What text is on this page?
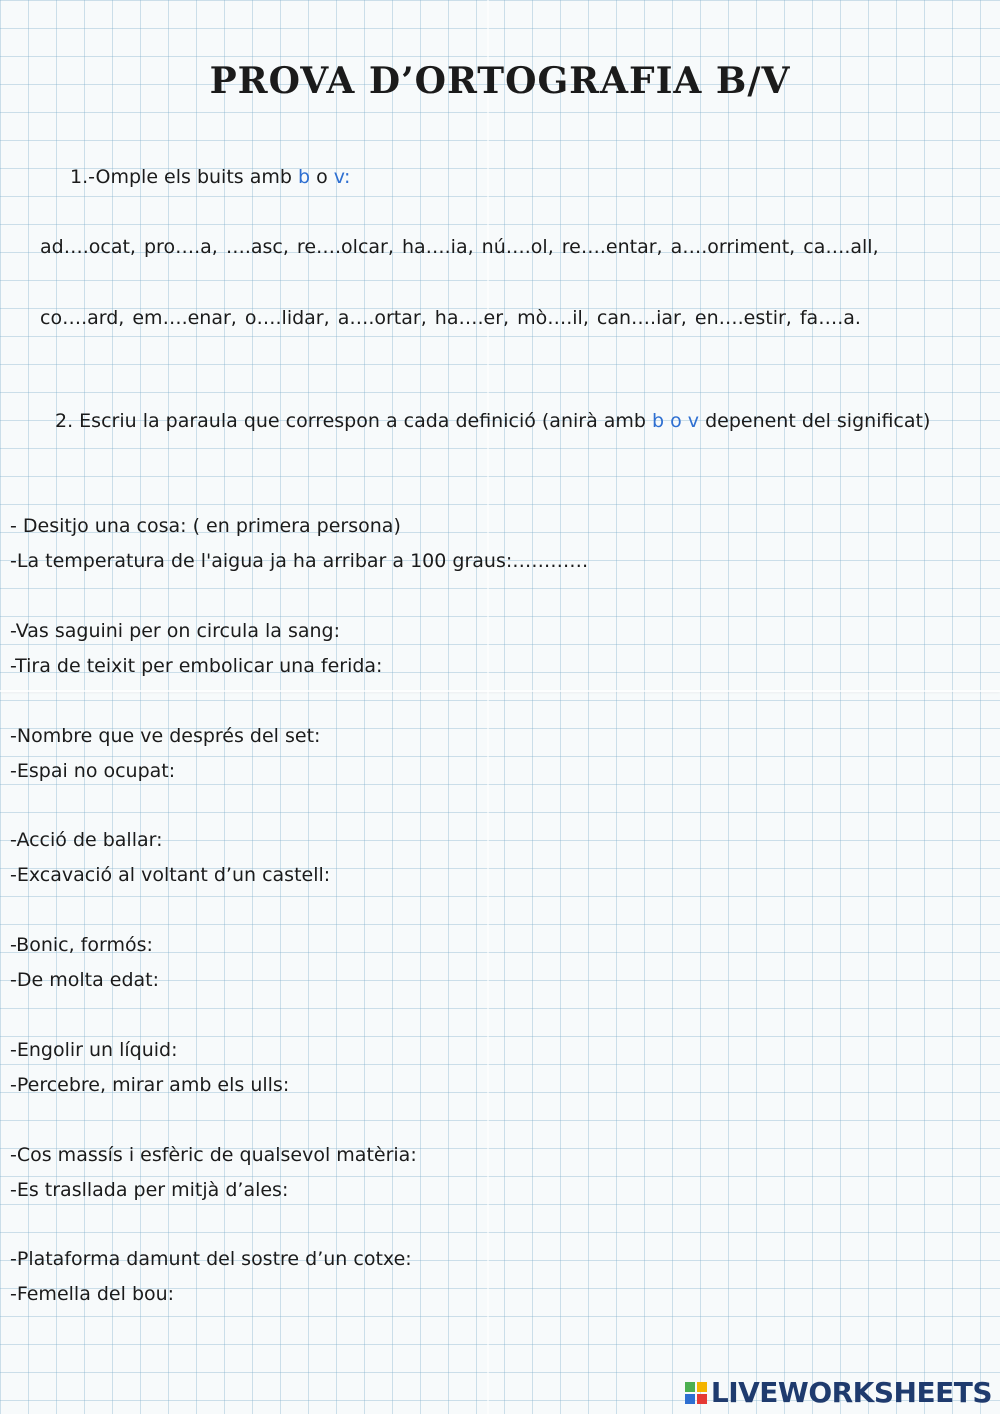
PROVA D’ORTOGRAFIA B/V
1.-Omple els buits amb b o v:
ad….ocat, pro….a, ….asc, re….olcar, ha….ia, nú….ol, re….entar, a….orriment, ca….all,
co….ard, em….enar, o….lidar, a….ortar, ha….er, mò….il, can….iar, en….estir, fa….a.
2. Escriu la paraula que correspon a cada definició (anirà amb b o v depenent del significat)
- Desitjo una cosa: ( en primera persona)
-La temperatura de l'aigua ja ha arribar a 100 graus:…………
-Vas saguini per on circula la sang:
-Tira de teixit per embolicar una ferida:
-Nombre que ve després del set:
-Espai no ocupat:
-Acció de ballar:
-Excavació al voltant d’un castell:
-Bonic, formós:
-De molta edat:
-Engolir un líquid:
-Percebre, mirar amb els ulls:
-Cos massís i esfèric de qualsevol matèria:
-Es trasllada per mitjà d’ales:
-Plataforma damunt del sostre d’un cotxe:
-Femella del bou:
LIVEWORKSHEETS
